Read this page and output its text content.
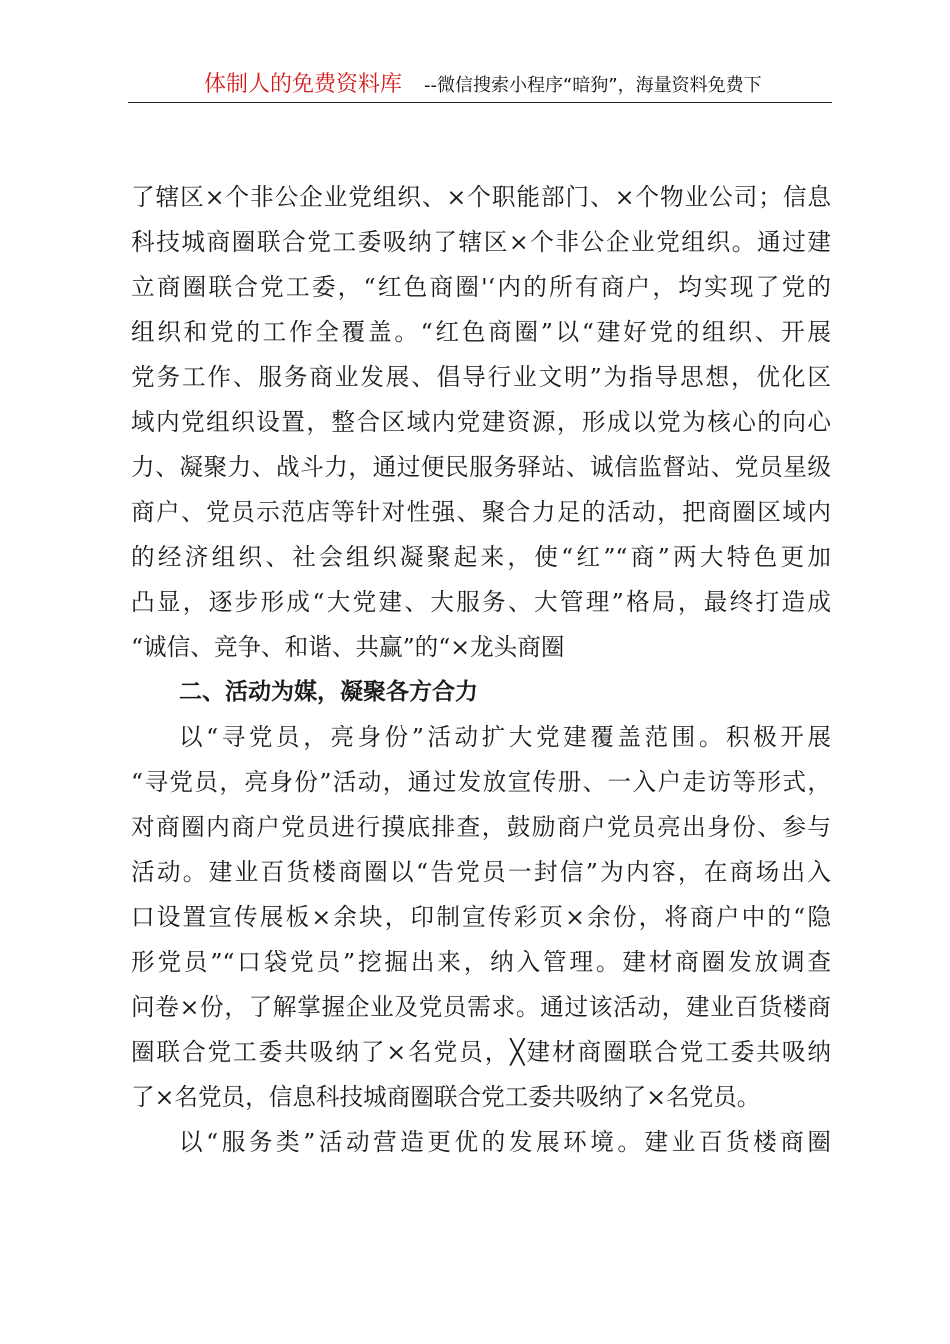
体制人的免费资料库 --微信搜索小程序“暗狗”，海量资料免费下
了辖区×个非公企业党组织、×个职能部门、×个物业公司；信息
科技城商圈联合党工委吸纳了辖区×个非公企业党组织。通过建
立商圈联合党工委，“红色商圈'‘内的所有商户，均实现了党的
组织和党的工作全覆盖。“红色商圈”以“建好党的组织、开展
党务工作、服务商业发展、倡导行业文明”为指导思想，优化区
域内党组织设置，整合区域内党建资源，形成以党为核心的向心
力、凝聚力、战斗力，通过便民服务驿站、诚信监督站、党员星级
商户、党员示范店等针对性强、聚合力足的活动，把商圈区域内
的经济组织、社会组织凝聚起来，使“红”“商”两大特色更加
凸显，逐步形成“大党建、大服务、大管理”格局，最终打造成
“诚信、竞争、和谐、共赢”的“×龙头商圈
二、活动为媒，凝聚各方合力
以“寻党员，亮身份”活动扩大党建覆盖范围。积极开展
“寻党员，亮身份”活动，通过发放宣传册、一入户走访等形式，
对商圈内商户党员进行摸底排查，鼓励商户党员亮出身份、参与
活动。建业百货楼商圈以“告党员一封信”为内容，在商场出入
口设置宣传展板×余块，印制宣传彩页×余份，将商户中的“隐
形党员”“口袋党员”挖掘出来，纳入管理。建材商圈发放调查
问卷×份，了解掌握企业及党员需求。通过该活动，建业百货楼商
圈联合党工委共吸纳了×名党员，╳建材商圈联合党工委共吸纳
了×名党员，信息科技城商圈联合党工委共吸纳了×名党员。
以“服务类”活动营造更优的发展环境。建业百货楼商圈
